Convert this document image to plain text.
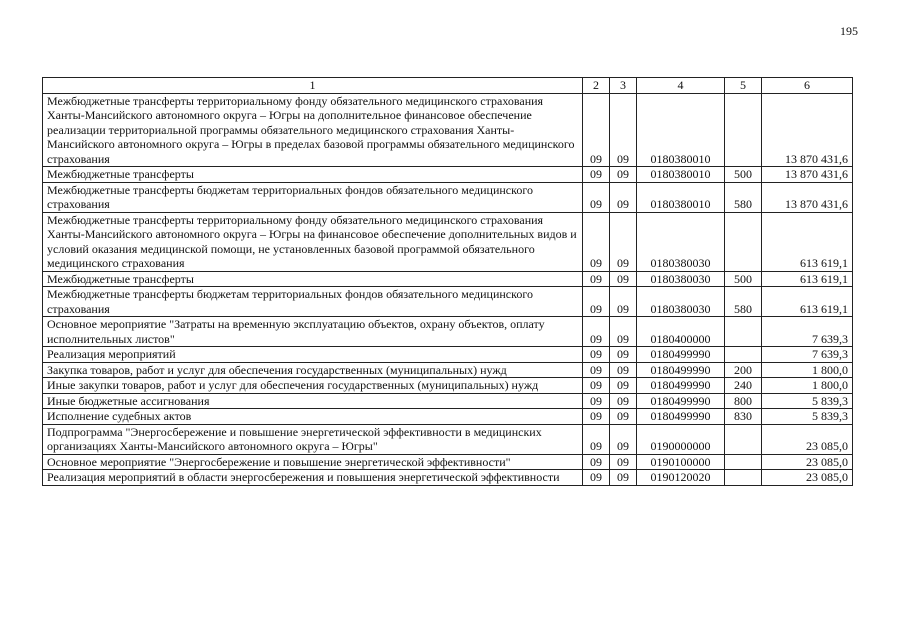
195
1	2	3	4	5	6
Межбюджетные трансферты территориальному фонду обязательного медицинского страхования Ханты-Мансийского автономного округа – Югры на дополнительное финансовое обеспечение реализации территориальной программы обязательного медицинского страхования Ханты-Мансийского автономного округа – Югры в пределах базовой программы обязательного медицинского страхования	09	09	0180380010		13 870 431,6
Межбюджетные трансферты	09	09	0180380010	500	13 870 431,6
Межбюджетные трансферты бюджетам территориальных фондов обязательного медицинского страхования	09	09	0180380010	580	13 870 431,6
Межбюджетные трансферты территориальному фонду обязательного медицинского страхования Ханты-Мансийского автономного округа – Югры на финансовое обеспечение дополнительных видов и условий оказания медицинской помощи, не установленных базовой программой обязательного медицинского страхования	09	09	0180380030		613 619,1
Межбюджетные трансферты	09	09	0180380030	500	613 619,1
Межбюджетные трансферты бюджетам территориальных фондов обязательного медицинского страхования	09	09	0180380030	580	613 619,1
Основное мероприятие "Затраты на временную эксплуатацию объектов, охрану объектов, оплату исполнительных листов"	09	09	0180400000		7 639,3
Реализация мероприятий	09	09	0180499990		7 639,3
Закупка товаров, работ и услуг для обеспечения государственных (муниципальных) нужд	09	09	0180499990	200	1 800,0
Иные закупки товаров, работ и услуг для обеспечения государственных (муниципальных) нужд	09	09	0180499990	240	1 800,0
Иные бюджетные ассигнования	09	09	0180499990	800	5 839,3
Исполнение судебных актов	09	09	0180499990	830	5 839,3
Подпрограмма "Энергосбережение и повышение энергетической эффективности в медицинских организациях Ханты-Мансийского автономного округа – Югры"	09	09	0190000000		23 085,0
Основное мероприятие "Энергосбережение и повышение энергетической эффективности"	09	09	0190100000		23 085,0
Реализация мероприятий в области энергосбережения и повышения энергетической эффективности	09	09	0190120020		23 085,0
